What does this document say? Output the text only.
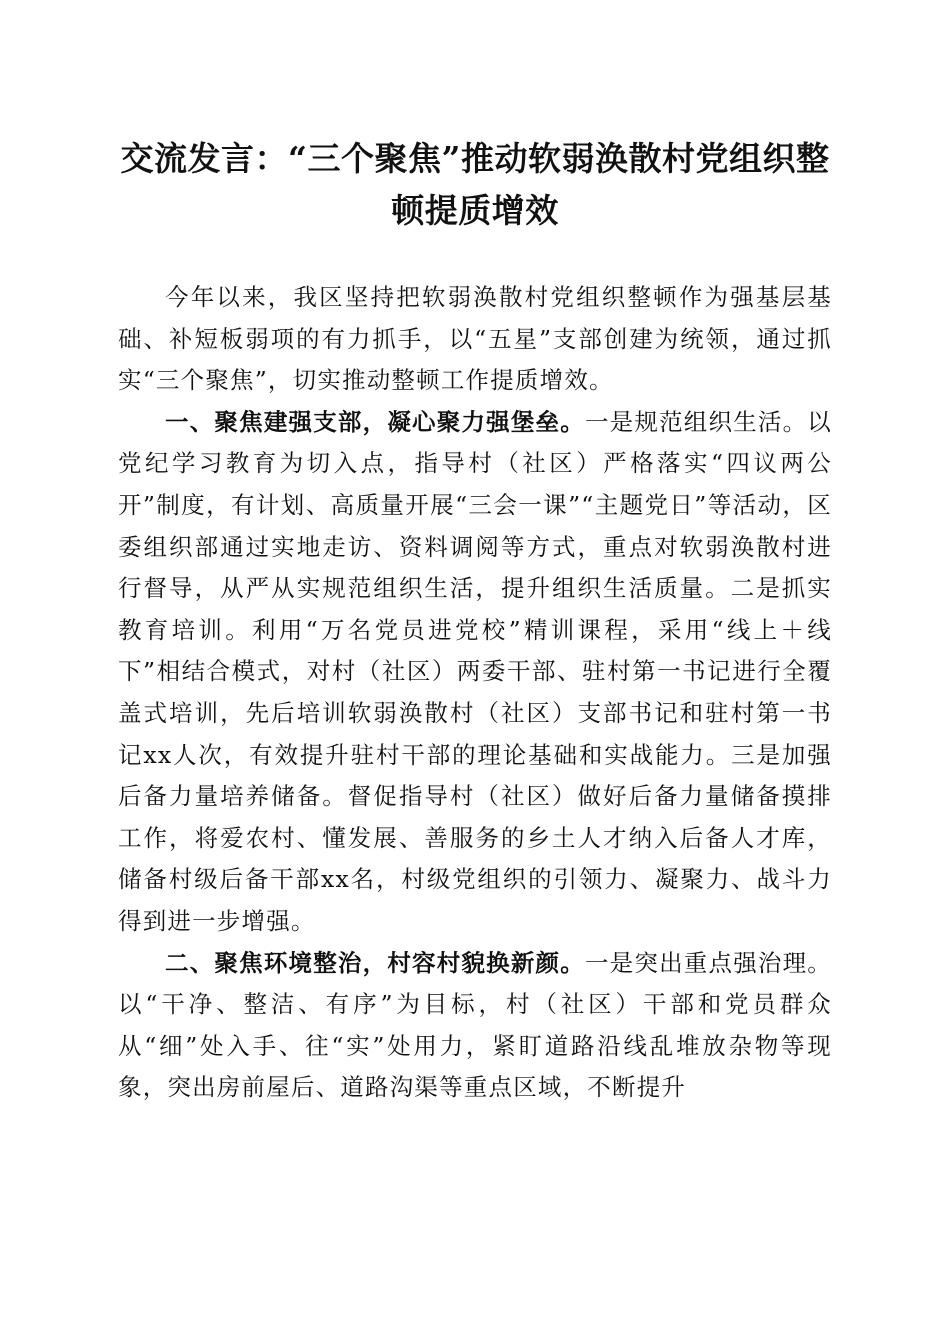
交流发言：“三个聚焦”推动软弱涣散村党组织整顿提质增效

今年以来，我区坚持把软弱涣散村党组织整顿作为强基层基础、补短板弱项的有力抓手，以“五星”支部创建为统领，通过抓实“三个聚焦”，切实推动整顿工作提质增效。

一、聚焦建强支部，凝心聚力强堡垒。一是规范组织生活。以党纪学习教育为切入点，指导村（社区）严格落实“四议两公开”制度，有计划、高质量开展“三会一课”“主题党日”等活动，区委组织部通过实地走访、资料调阅等方式，重点对软弱涣散村进行督导，从严从实规范组织生活，提升组织生活质量。二是抓实教育培训。利用“万名党员进党校”精训课程，采用“线上＋线下”相结合模式，对村（社区）两委干部、驻村第一书记进行全覆盖式培训，先后培训软弱涣散村（社区）支部书记和驻村第一书记xx人次，有效提升驻村干部的理论基础和实战能力。三是加强后备力量培养储备。督促指导村（社区）做好后备力量储备摸排工作，将爱农村、懂发展、善服务的乡土人才纳入后备人才库，储备村级后备干部xx名，村级党组织的引领力、凝聚力、战斗力得到进一步增强。

二、聚焦环境整治，村容村貌换新颜。一是突出重点强治理。以“干净、整洁、有序”为目标，村（社区）干部和党员群众从“细”处入手、往“实”处用力，紧盯道路沿线乱堆放杂物等现象，突出房前屋后、道路沟渠等重点区域，不断提升
